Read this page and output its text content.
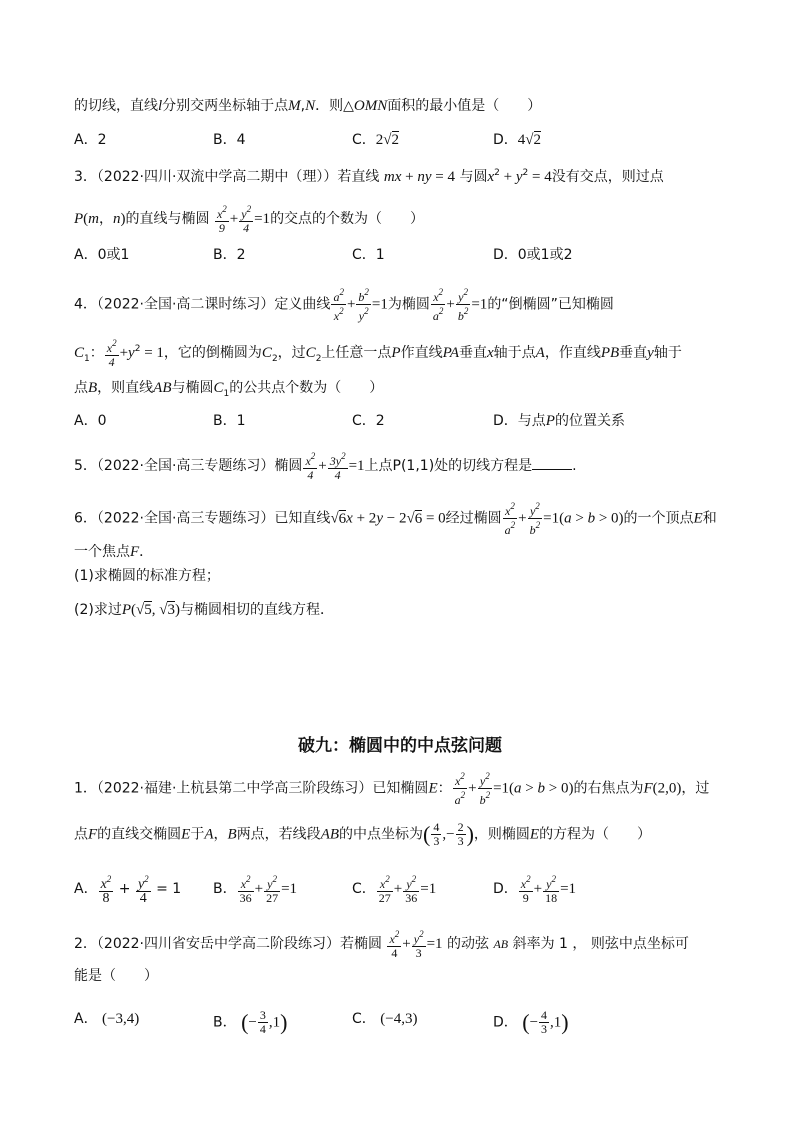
的切线，直线l分别交两坐标轴于点M,N．则△OMN面积的最小值是（　　）
A．2	B．4	C．2√2	D．4√2
3．（2022·四川·双流中学高二期中（理））若直线 mx + ny = 4 与圆$x^2 + y^2 = 4$没有交点，则过点
P(m，n)的直线与椭圆 $\frac{x^2}{9} + \frac{y^2}{4} =1$的交点的个数为（　　）
A．0或1	B．2	C．1	D．0或1或2
4．（2022·全国·高二课时练习）定义曲线 $\frac{a^2}{x^2} + \frac{b^2}{y^2} =1$为椭圆 $\frac{x^2}{a^2} + \frac{y^2}{b^2} =1$的“倒椭圆”已知椭圆
$C_1$： $\frac{x^2}{4} +y^2 = 1$，它的倒椭圆为$C_2$，过$C_2$上任意一点P作直线PA垂直x轴于点A，作直线PB垂直y轴于
点B，则直线AB与椭圆$C_1$的公共点个数为（　　）
A．0	B．1	C．2	D．与点P的位置关系
5．（2022·全国·高三专题练习）椭圆 $\frac{x^2}{4} + \frac{3y^2}{4} =1$上点P(1,1)处的切线方程是	.
6．（2022·全国·高三专题练习）已知直线√6x + 2y − 2√6 = 0经过椭圆 $\frac{x^2}{a^2} + \frac{y^2}{b^2} =1(a > b > 0)$的一个顶点E和
一个焦点F．
(1)求椭圆的标准方程；
(2)求过P(√5, √3)与椭圆相切的直线方程．
破九：椭圆中的中点弦问题
1．（2022·福建·上杭县第二中学高三阶段练习）已知椭圆E： $\frac{x^2}{a^2} + \frac{y^2}{b^2} =1(a > b > 0)$的右焦点为F(2,0)，过
点F的直线交椭圆E于A，B两点，若线段AB的中点坐标为( $\frac{4}{3}$ ,− $\frac{2}{3}$ )，则椭圆E的方程为（　　）
A． $\frac{x^2}{8} + \frac{y^2}{4} = 1$ B． $\frac{x^2}{36} + \frac{y^2}{27} =1$	C． $\frac{x^2}{27} + \frac{y^2}{36} =1$	D． $\frac{x^2}{9} + \frac{y^2}{18} =1$
2．（2022·四川省安岳中学高二阶段练习）若椭圆 $\frac{x^2}{4} + \frac{y^2}{3} =1$ 的动弦 AB 斜率为 1 ， 则弦中点坐标可
能是（　　）
A． (−3,4)	B． (− $\frac{3}{4} ,1$)	C． (−4,3)	D． (− $\frac{4}{3} ,1$)
